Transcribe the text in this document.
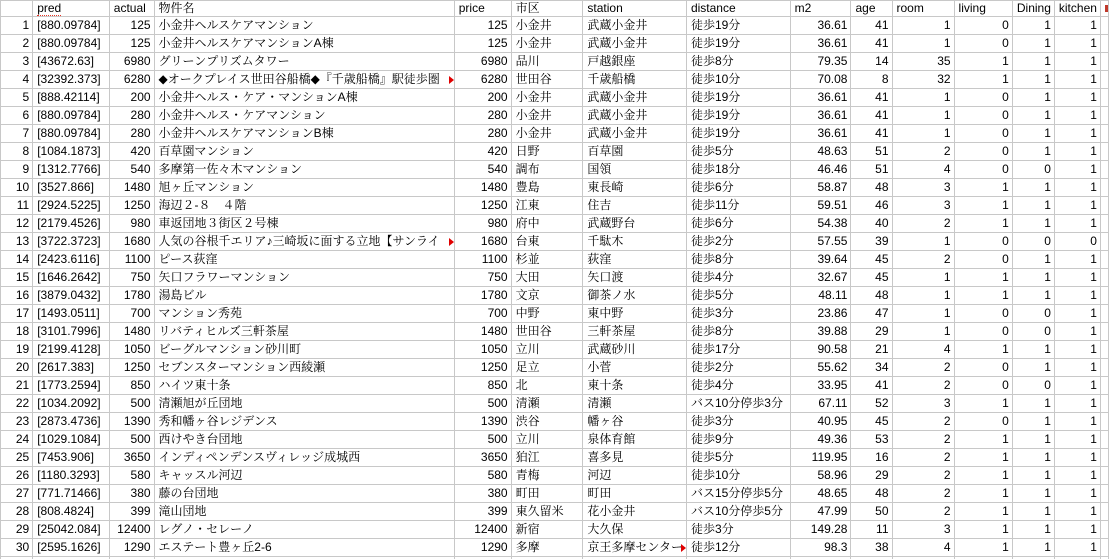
	pred	actual	物件名	price	市区	station	distance	m2	age	room	living	Dining	kitchen	

1	[880.09784]	125	小金井ヘルスケアマンション	125	小金井	武蔵小金井	徒歩19分	36.61	41	1	0	1	1	
2	[880.09784]	125	小金井ヘルスケアマンションA棟	125	小金井	武蔵小金井	徒歩19分	36.61	41	1	0	1	1	
3	[43672.63]	6980	グリーンプリズムタワー	6980	品川	戸越銀座	徒歩8分	79.35	14	35	1	1	1	
4	[32392.373]	6280	◆オークプレイス世田谷船橋◆『千歳船橋』駅徒歩圏	6280	世田谷	千歳船橋	徒歩10分	70.08	8	32	1	1	1	
5	[888.42114]	200	小金井ヘルス・ケア・マンションA棟	200	小金井	武蔵小金井	徒歩19分	36.61	41	1	0	1	1	
6	[880.09784]	280	小金井ヘルス・ケアマンション	280	小金井	武蔵小金井	徒歩19分	36.61	41	1	0	1	1	
7	[880.09784]	280	小金井ヘルスケアマンションB棟	280	小金井	武蔵小金井	徒歩19分	36.61	41	1	0	1	1	
8	[1084.1873]	420	百草園マンション	420	日野	百草園	徒歩5分	48.63	51	2	0	1	1	
9	[1312.7766]	540	多摩第一佐々木マンション	540	調布	国領	徒歩18分	46.46	51	4	0	0	1	
10	[3527.866]	1480	旭ヶ丘マンション	1480	豊島	東長崎	徒歩6分	58.87	48	3	1	1	1	
11	[2924.5225]	1250	海辺２-８　４階	1250	江東	住吉	徒歩11分	59.51	46	3	1	1	1	
12	[2179.4526]	980	車返団地３街区２号棟	980	府中	武蔵野台	徒歩6分	54.38	40	2	1	1	1	
13	[3722.3723]	1680	人気の谷根千エリア♪三崎坂に面する立地【サンライ	1680	台東	千駄木	徒歩2分	57.55	39	1	0	0	0	
14	[2423.6116]	1100	ピース荻窪	1100	杉並	荻窪	徒歩8分	39.64	45	2	0	1	1	
15	[1646.2642]	750	矢口フラワーマンション	750	大田	矢口渡	徒歩4分	32.67	45	1	1	1	1	
16	[3879.0432]	1780	湯島ビル	1780	文京	御茶ノ水	徒歩5分	48.11	48	1	1	1	1	
17	[1493.0511]	700	マンション秀苑	700	中野	東中野	徒歩3分	23.86	47	1	0	0	1	
18	[3101.7996]	1480	リバティヒルズ三軒茶屋	1480	世田谷	三軒茶屋	徒歩8分	39.88	29	1	0	0	1	
19	[2199.4128]	1050	ビーグルマンション砂川町	1050	立川	武蔵砂川	徒歩17分	90.58	21	4	1	1	1	
20	[2617.383]	1250	セブンスターマンション西綾瀬	1250	足立	小菅	徒歩2分	55.62	34	2	0	1	1	
21	[1773.2594]	850	ハイツ東十条	850	北	東十条	徒歩4分	33.95	41	2	0	0	1	
22	[1034.2092]	500	清瀬旭が丘団地	500	清瀬	清瀬	バス10分停歩3分	67.11	52	3	1	1	1	
23	[2873.4736]	1390	秀和幡ヶ谷レジデンス	1390	渋谷	幡ヶ谷	徒歩3分	40.95	45	2	0	1	1	
24	[1029.1084]	500	西けやき台団地	500	立川	泉体育館	徒歩9分	49.36	53	2	1	1	1	
25	[7453.906]	3650	インディペンデンスヴィレッジ成城西	3650	狛江	喜多見	徒歩5分	119.95	16	2	1	1	1	
26	[1180.3293]	580	キャッスル河辺	580	青梅	河辺	徒歩10分	58.96	29	2	1	1	1	
27	[771.71466]	380	藤の台団地	380	町田	町田	バス15分停歩5分	48.65	48	2	1	1	1	
28	[808.4824]	399	滝山団地	399	東久留米	花小金井	バス10分停歩5分	47.99	50	2	1	1	1	
29	[25042.084]	12400	レグノ・セレーノ	12400	新宿	大久保	徒歩3分	149.28	11	3	1	1	1	
30	[2595.1626]	1290	エステート豊ヶ丘2-6	1290	多摩	京王多摩センター	徒歩12分	98.3	38	4	1	1	1	
